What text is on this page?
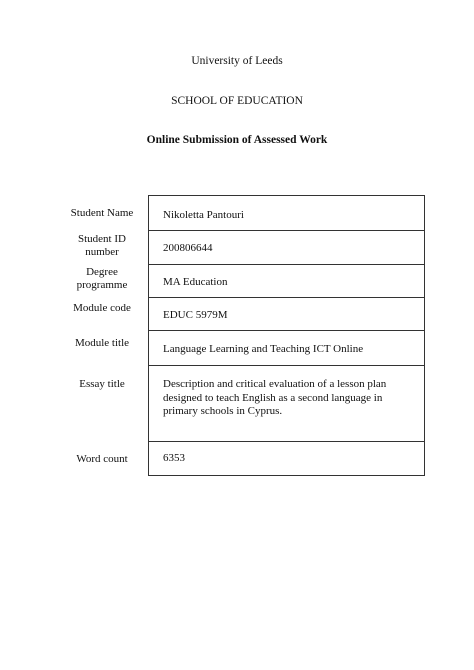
University of Leeds
SCHOOL OF EDUCATION
Online Submission of Assessed Work
Student Name
Student ID number
Degree programme
Module code
Module title
Essay title
Word count
Nikoletta Pantouri
200806644
MA Education
EDUC 5979M
Language Learning and Teaching ICT Online
Description and critical evaluation of a lesson plan designed to teach English as a second language in primary schools in Cyprus.
6353
